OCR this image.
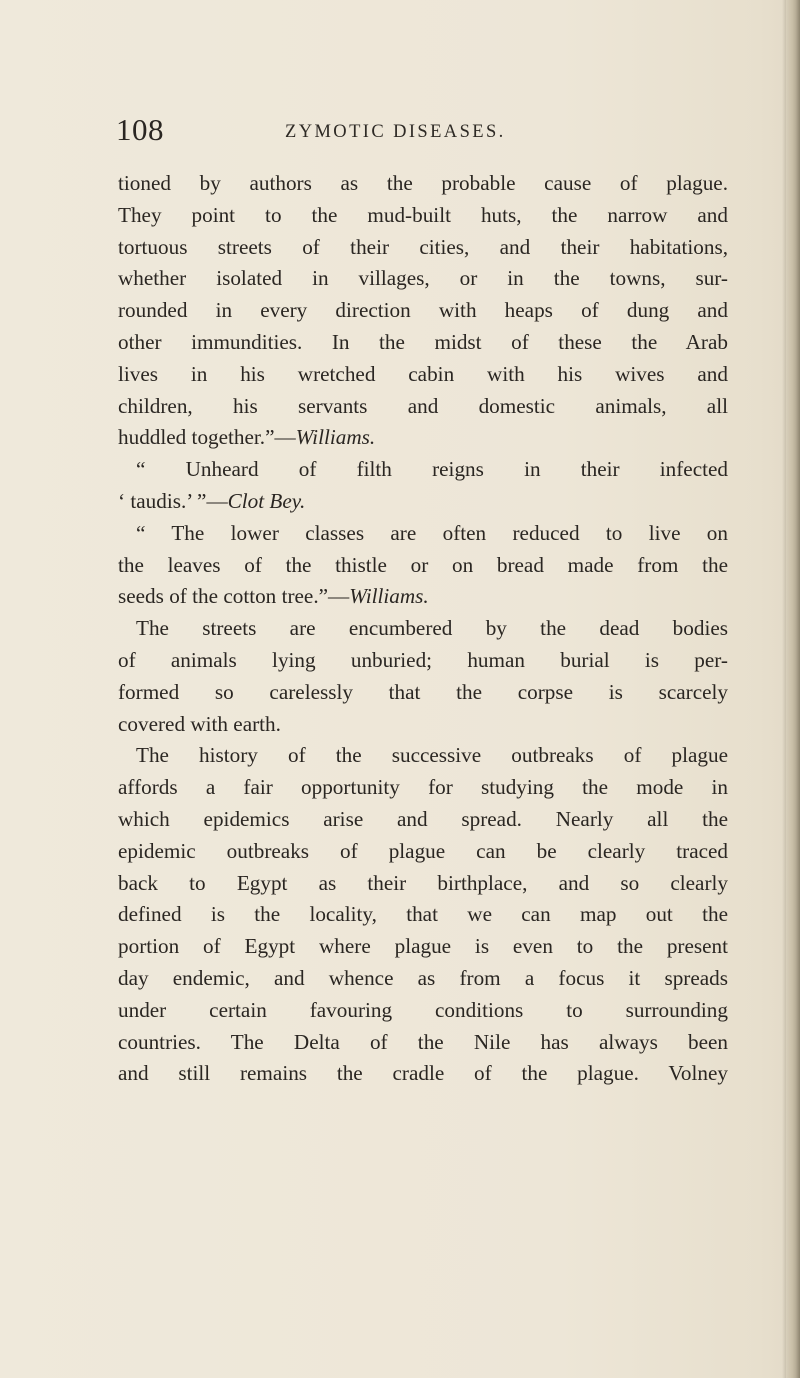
108	ZYMOTIC DISEASES.
tioned by authors as the probable cause of plague.
They point to the mud-built huts, the narrow and
tortuous streets of their cities, and their habitations,
whether isolated in villages, or in the towns, sur-
rounded in every direction with heaps of dung and
other immundities. In the midst of these the Arab
lives in his wretched cabin with his wives and
children, his servants and domestic animals, all
huddled together.”—Williams.
“ Unheard of filth reigns in their infected
‘ taudis.’ ”—Clot Bey.
“ The lower classes are often reduced to live on
the leaves of the thistle or on bread made from the
seeds of the cotton tree.”—Williams.
The streets are encumbered by the dead bodies
of animals lying unburied; human burial is per-
formed so carelessly that the corpse is scarcely
covered with earth.
The history of the successive outbreaks of plague
affords a fair opportunity for studying the mode in
which epidemics arise and spread. Nearly all the
epidemic outbreaks of plague can be clearly traced
back to Egypt as their birthplace, and so clearly
defined is the locality, that we can map out the
portion of Egypt where plague is even to the present
day endemic, and whence as from a focus it spreads
under certain favouring conditions to surrounding
countries. The Delta of the Nile has always been
and still remains the cradle of the plague. Volney
